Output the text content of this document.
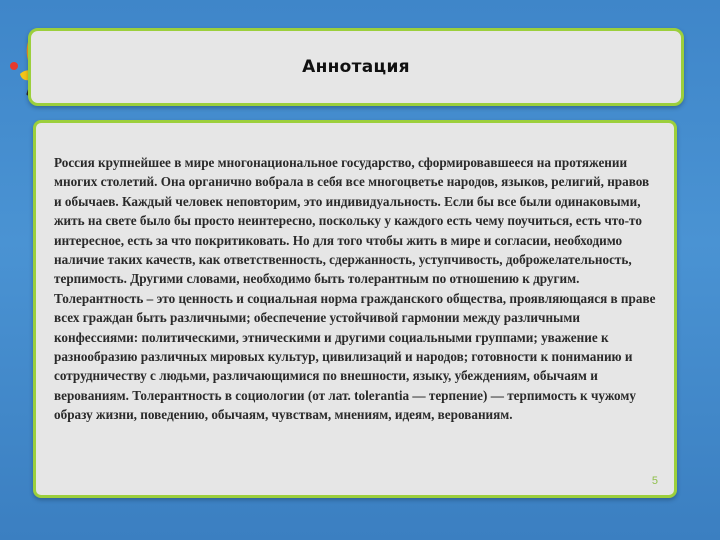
Аннотация

Россия крупнейшее в мире многонациональное государство, сформировавшееся на протяжении многих столетий. Она органично вобрала в себя все многоцветье народов, языков, религий, нравов и обычаев. Каждый человек неповторим, это индивидуальность. Если бы все были одинаковыми, жить на свете было бы просто неинтересно, поскольку у каждого есть чему поучиться, есть что-то интересное, есть за что покритиковать. Но для того чтобы жить в мире и согласии, необходимо наличие таких качеств, как ответственность, сдержанность, уступчивость, доброжелательность, терпимость. Другими словами, необходимо быть толерантным по отношению к другим. Толерантность – это ценность и социальная норма гражданского общества, проявляющаяся в праве всех граждан быть различными; обеспечение устойчивой гармонии между различными конфессиями: политическими, этническими и другими социальными группами; уважение к разнообразию различных мировых культур, цивилизаций и народов; готовности к пониманию и сотрудничеству с людьми, различающимися по внешности, языку, убеждениям, обычаям и верованиям. Толерантность в социологии (от лат. tolerantia — терпение) — терпимость к чужому образу жизни, поведению, обычаям, чувствам, мнениям, идеям, верованиям.

5
